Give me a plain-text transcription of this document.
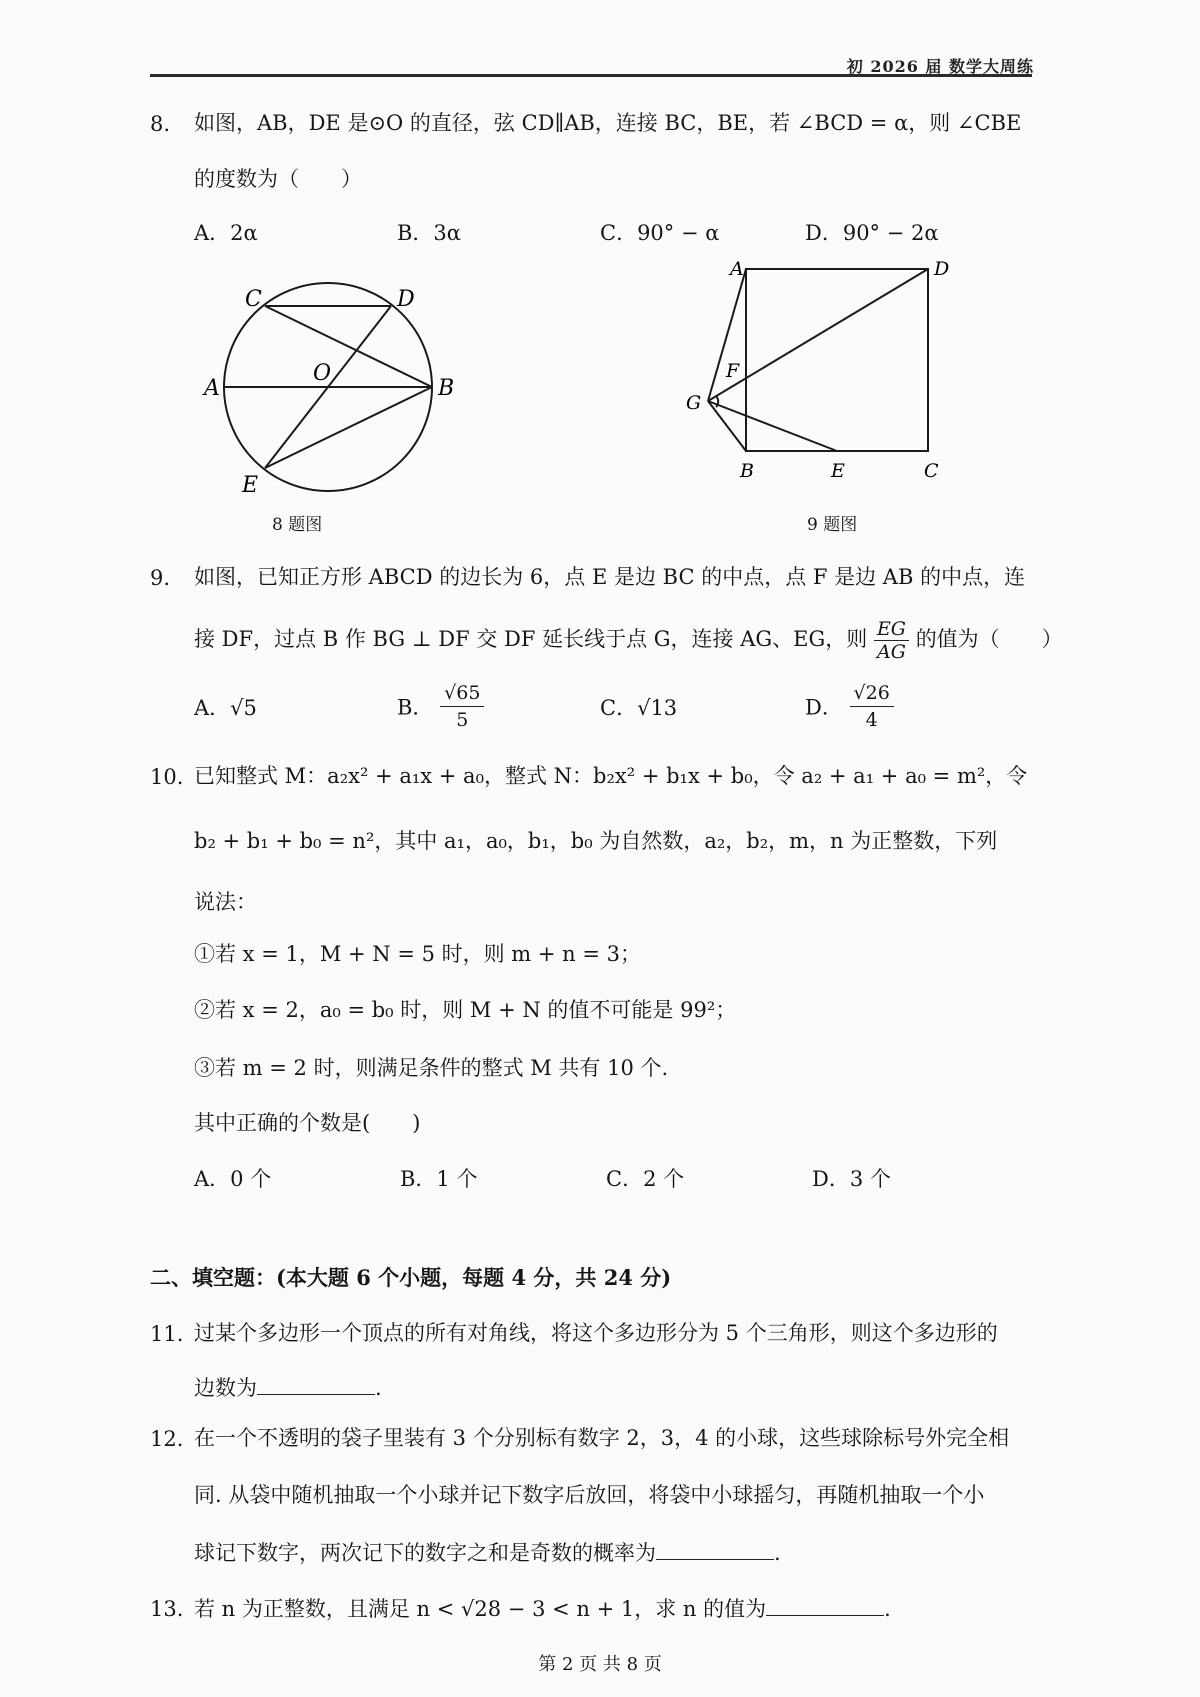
初 2026 届 数学大周练
8. 如图，AB，DE 是⊙O 的直径，弦 CD∥AB，连接 BC，BE，若 ∠BCD = α，则 ∠CBE
的度数为（　　）
A．2α	B．3α	C．90° − α	D．90° − 2α
C	D
A
O
B
E
8 题图
A	D
F
G
B	E	C
9 题图
9. 如图，已知正方形 ABCD 的边长为 6，点 E 是边 BC 的中点，点 F 是边 AB 的中点，连
接 DF，过点 B 作 BG ⊥ DF 交 DF 延长线于点 G，连接 AG、EG，则 $\frac{EG}{AG}$ 的值为（　　）
A．√5	B． $\frac{√65}{5}$	C．√13	D． $\frac{√26}{4}$
10. 已知整式 M：a₂x² + a₁x + a₀，整式 N：b₂x² + b₁x + b₀，令 a₂ + a₁ + a₀ = m²，令
b₂ + b₁ + b₀ = n²，其中 a₁，a₀，b₁，b₀ 为自然数，a₂，b₂，m，n 为正整数，下列
说法：
①若 x = 1，M + N = 5 时，则 m + n = 3；
②若 x = 2，a₀ = b₀ 时，则 M + N 的值不可能是 99²；
③若 m = 2 时，则满足条件的整式 M 共有 10 个.
其中正确的个数是(　　)
A．0 个	B．1 个	C．2 个	D．3 个
二、填空题：(本大题 6 个小题，每题 4 分，共 24 分)
11. 过某个多边形一个顶点的所有对角线，将这个多边形分为 5 个三角形，则这个多边形的
边数为	.
12. 在一个不透明的袋子里装有 3 个分别标有数字 2，3，4 的小球，这些球除标号外完全相
同. 从袋中随机抽取一个小球并记下数字后放回，将袋中小球摇匀，再随机抽取一个小
球记下数字，两次记下的数字之和是奇数的概率为	.
13. 若 n 为正整数，且满足 n < √28 − 3 < n + 1，求 n 的值为	.
第 2 页 共 8 页
